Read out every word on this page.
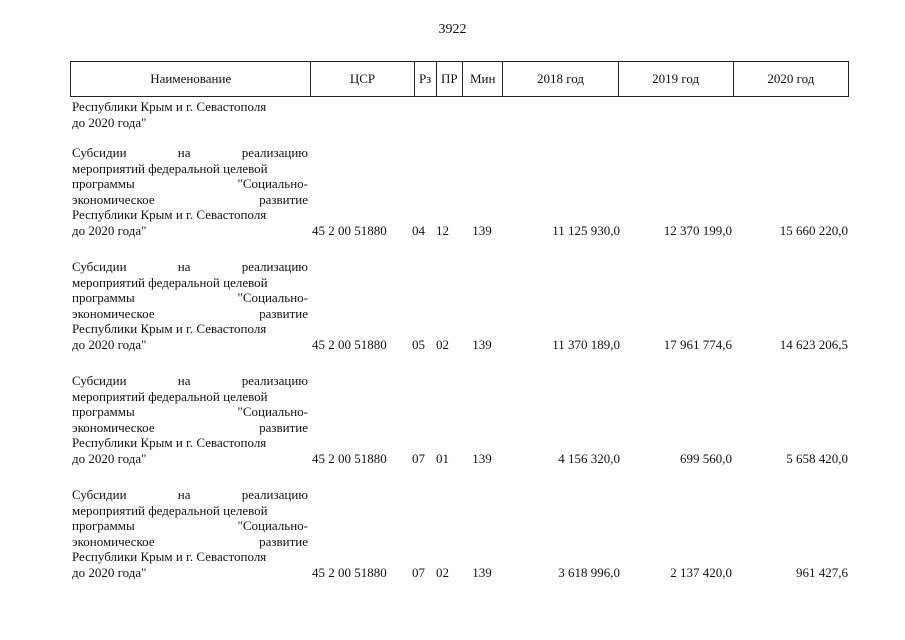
3922
Наименование	ЦСР	Рз	ПР	Мин	2018 год	2019 год	2020 год
Республики Крым и г. Севастополя
до 2020 года"
Субсидии на реализацию
мероприятий федеральной целевой
программы "Социально-
экономическое развитие
Республики Крым и г. Севастополя
до 2020 года"	45 2 00 51880	04 12	139	11 125 930,0	12 370 199,0	15 660 220,0
Субсидии на реализацию
мероприятий федеральной целевой
программы "Социально-
экономическое развитие
Республики Крым и г. Севастополя
до 2020 года"	45 2 00 51880	05 02	139	11 370 189,0	17 961 774,6	14 623 206,5
Субсидии на реализацию
мероприятий федеральной целевой
программы "Социально-
экономическое развитие
Республики Крым и г. Севастополя
до 2020 года"	45 2 00 51880	07 01	139	4 156 320,0	699 560,0	5 658 420,0
Субсидии на реализацию
мероприятий федеральной целевой
программы "Социально-
экономическое развитие
Республики Крым и г. Севастополя
до 2020 года"	45 2 00 51880	07 02	139	3 618 996,0	2 137 420,0	961 427,6
